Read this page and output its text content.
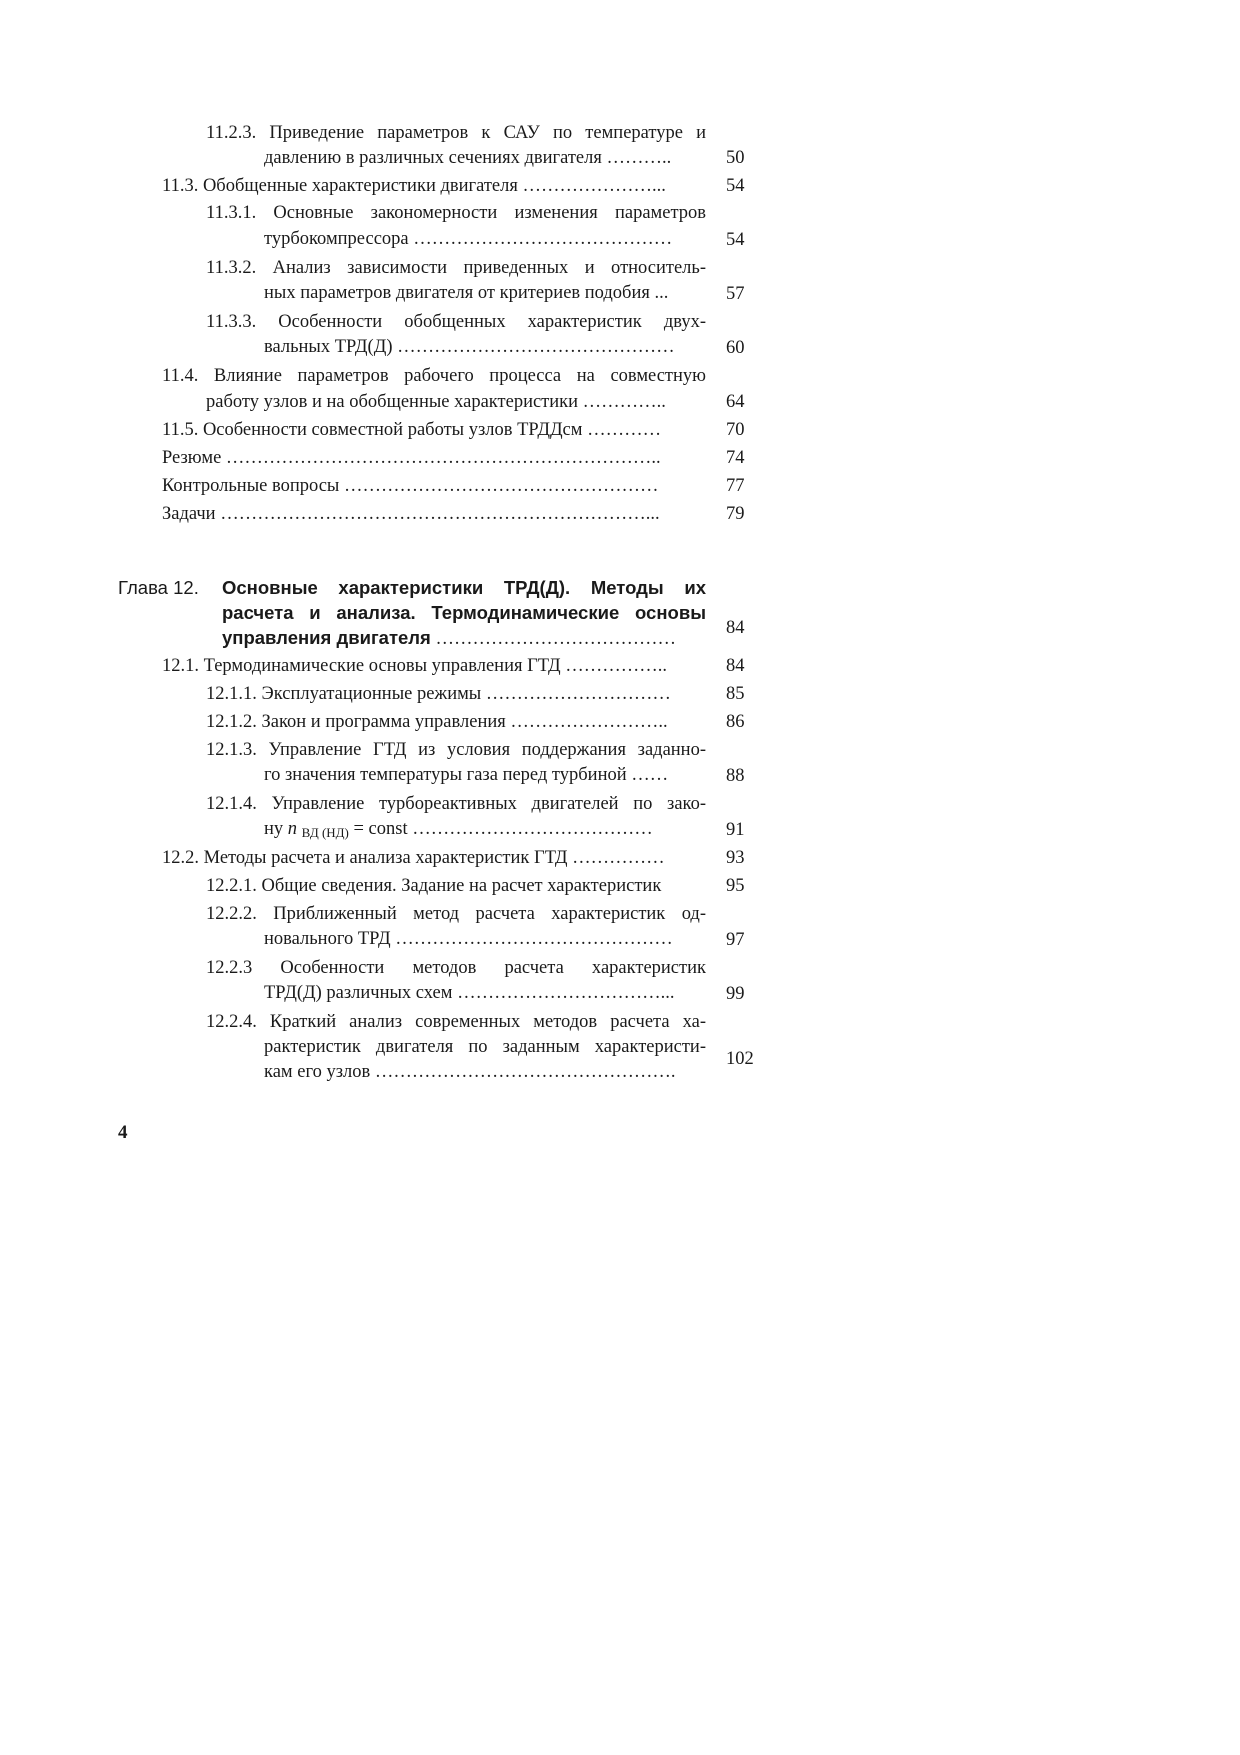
11.2.3. Приведение параметров к САУ по температуре и
давлению в различных сечениях двигателя ………..	50
11.3. Обобщенные характеристики двигателя …………………...	54
11.3.1. Основные закономерности изменения параметров
турбокомпрессора ……………………………………	54
11.3.2. Анализ зависимости приведенных и относитель-
ных параметров двигателя от критериев подобия ...	57
11.3.3. Особенности обобщенных характеристик двух-
вальных ТРД(Д) ………………………………………	60
11.4. Влияние параметров рабочего процесса на совместную
работу узлов и на обобщенные характеристики …………..	64
11.5. Особенности совместной работы узлов ТРДДсм …………	70
Резюме ……………………………………………………………..	74
Контрольные вопросы ……………………………………………	77
Задачи ……………………………………………………………...	79
Глава 12. Основные характеристики ТРД(Д). Методы их
расчета и анализа. Термодинамические основы
управления двигателя …………………………………
84
12.1. Термодинамические основы управления ГТД ……………..	84
12.1.1. Эксплуатационные режимы …………………………	85
12.1.2. Закон и программа управления ……………………..	86
12.1.3. Управление ГТД из условия поддержания заданно-
го значения температуры газа перед турбиной ……	88
12.1.4. Управление турбореактивных двигателей по зако-
ну n $_{ВД (НД)}$ = const …………………………………	91
12.2. Методы расчета и анализа характеристик ГТД ……………	93
12.2.1. Общие сведения. Задание на расчет характеристик	95
12.2.2. Приближенный метод расчета характеристик од-
новального ТРД ………………………………………	97
12.2.3 Особенности методов расчета характеристик
ТРД(Д) различных схем ……………………………...	99
12.2.4. Краткий анализ современных методов расчета ха-
рактеристик двигателя по заданным характеристи-
кам его узлов ………………………………………….
102
4
